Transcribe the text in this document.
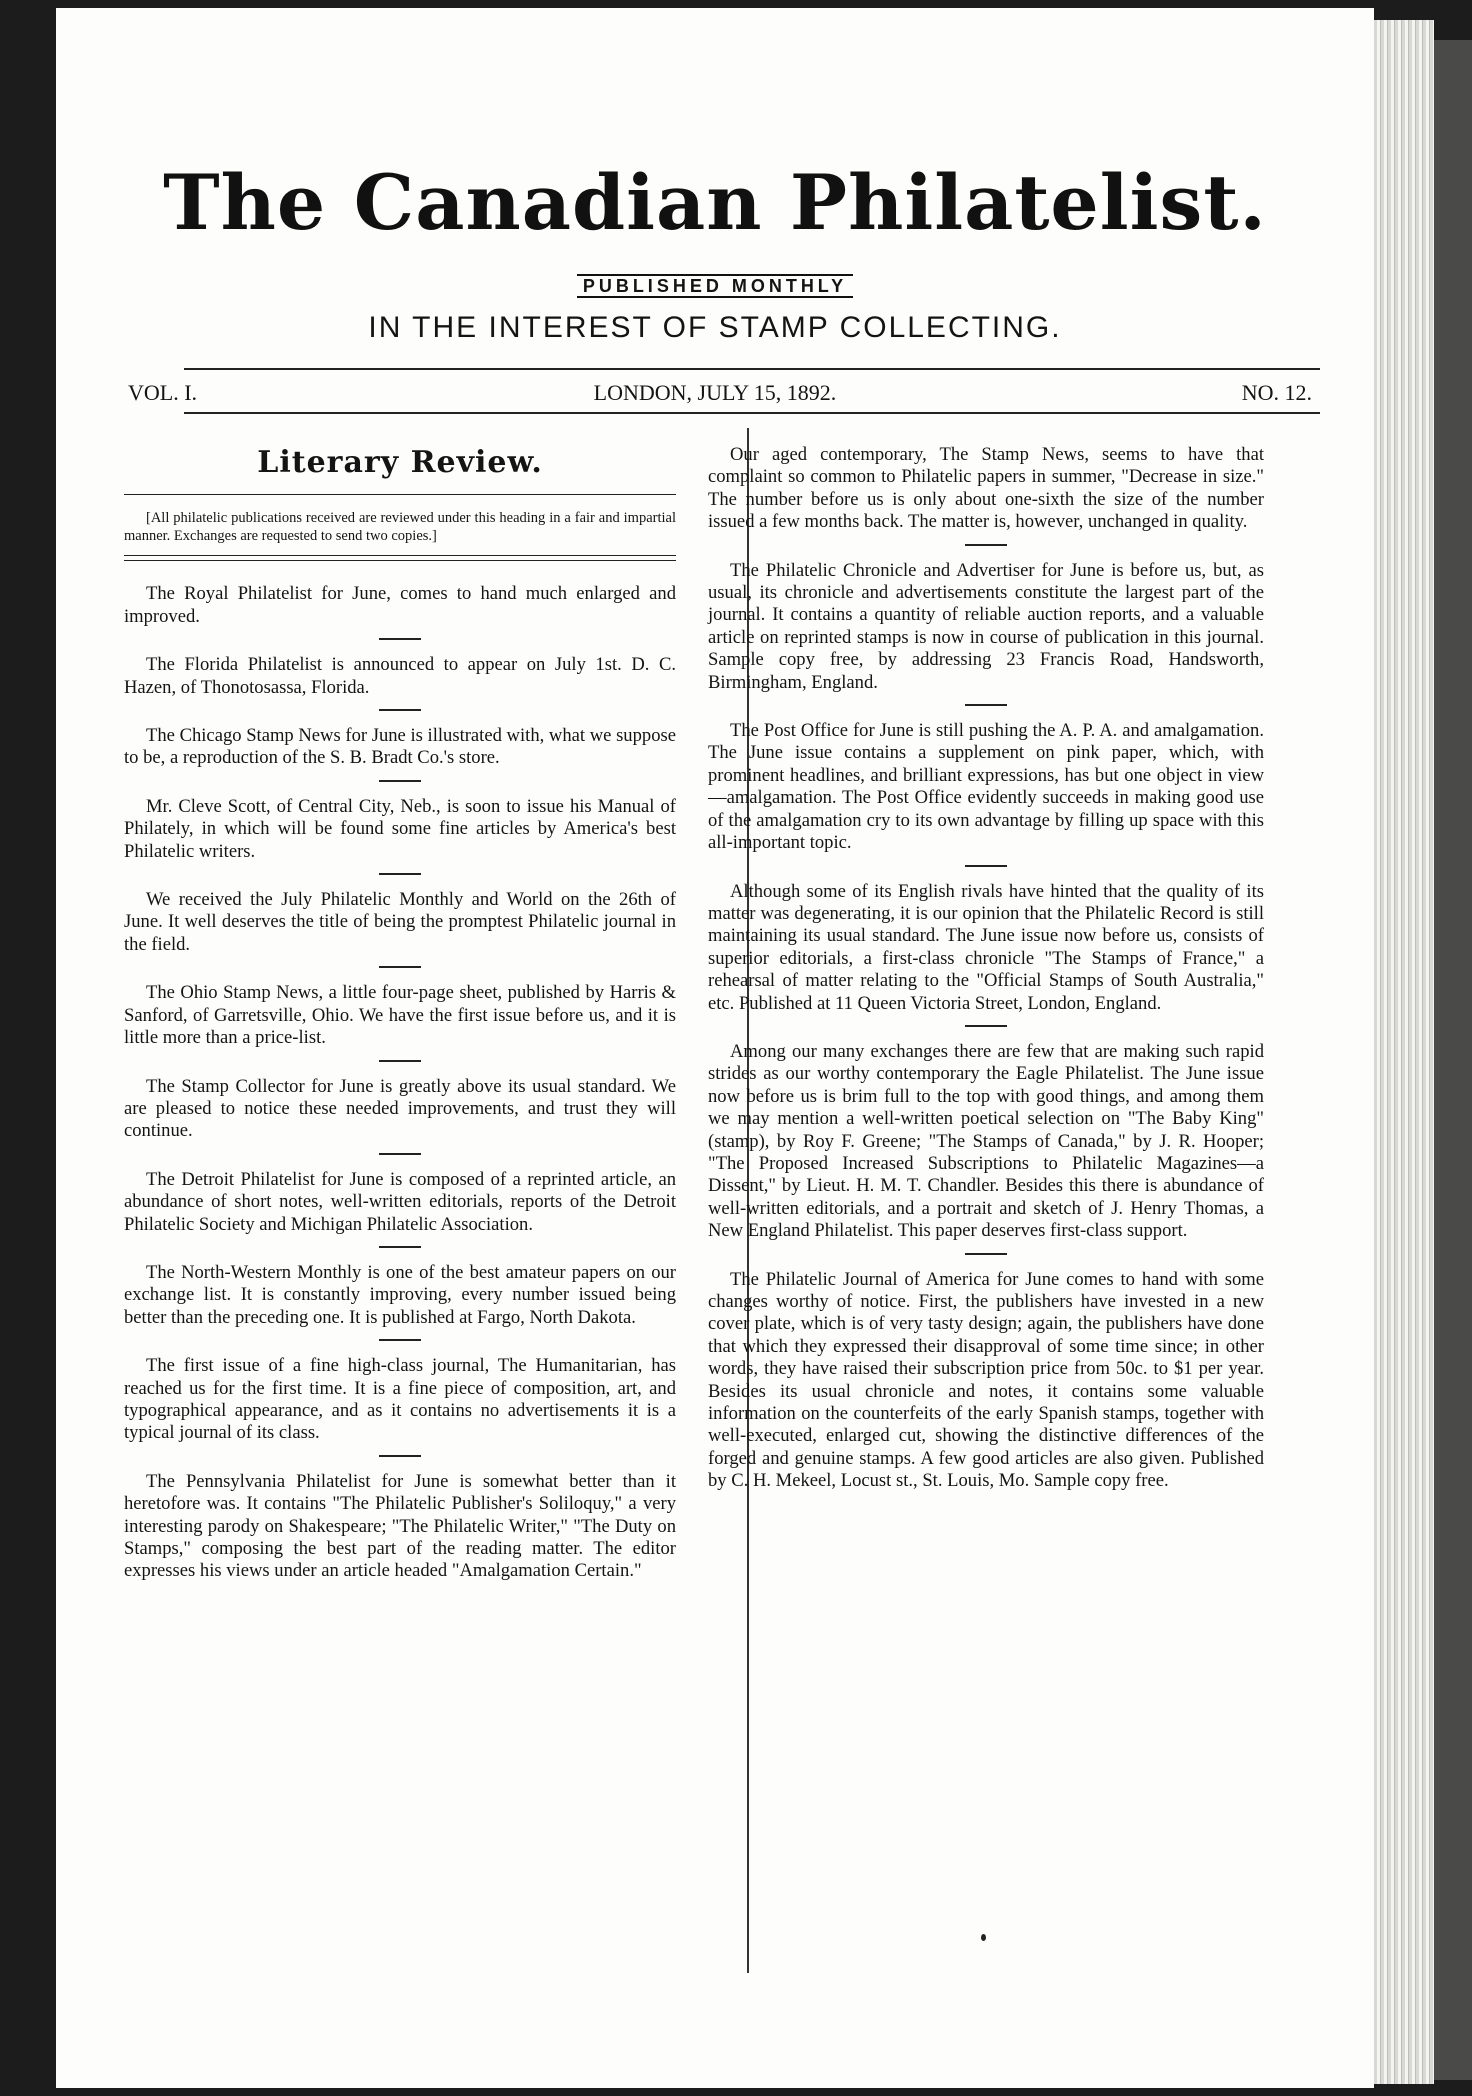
The Canadian Philatelist.
PUBLISHED MONTHLY
IN THE INTEREST OF STAMP COLLECTING.
VOL. I.	LONDON, JULY 15, 1892.	NO. 12.
Literary Review.

[All philatelic publications received are reviewed under this heading in a fair and impartial manner. Exchanges are requested to send two copies.]

The Royal Philatelist for June, comes to hand much enlarged and improved.

The Florida Philatelist is announced to appear on July 1st. D. C. Hazen, of Thonotosassa, Florida.

The Chicago Stamp News for June is illustrated with, what we suppose to be, a reproduction of the S. B. Bradt Co.'s store.

Mr. Cleve Scott, of Central City, Neb., is soon to issue his Manual of Philately, in which will be found some fine articles by America's best Philatelic writers.

We received the July Philatelic Monthly and World on the 26th of June. It well deserves the title of being the promptest Philatelic journal in the field.

The Ohio Stamp News, a little four-page sheet, published by Harris & Sanford, of Garretsville, Ohio. We have the first issue before us, and it is little more than a price-list.

The Stamp Collector for June is greatly above its usual standard. We are pleased to notice these needed improvements, and trust they will continue.

The Detroit Philatelist for June is composed of a reprinted article, an abundance of short notes, well-written editorials, reports of the Detroit Philatelic Society and Michigan Philatelic Association.

The North-Western Monthly is one of the best amateur papers on our exchange list. It is constantly improving, every number issued being better than the preceding one. It is published at Fargo, North Dakota.

The first issue of a fine high-class journal, The Humanitarian, has reached us for the first time. It is a fine piece of composition, art, and typographical appearance, and as it contains no advertisements it is a typical journal of its class.

The Pennsylvania Philatelist for June is somewhat better than it heretofore was. It contains "The Philatelic Publisher's Soliloquy," a very interesting parody on Shakespeare; "The Philatelic Writer," "The Duty on Stamps," composing the best part of the reading matter. The editor expresses his views under an article headed "Amalgamation Certain."

Our aged contemporary, The Stamp News, seems to have that complaint so common to Philatelic papers in summer, "Decrease in size." The number before us is only about one-sixth the size of the number issued a few months back. The matter is, however, unchanged in quality.

The Philatelic Chronicle and Advertiser for June is before us, but, as usual, its chronicle and advertisements constitute the largest part of the journal. It contains a quantity of reliable auction reports, and a valuable article on reprinted stamps is now in course of publication in this journal. Sample copy free, by addressing 23 Francis Road, Handsworth, Birmingham, England.

The Post Office for June is still pushing the A. P. A. and amalgamation. The June issue contains a supplement on pink paper, which, with prominent headlines, and brilliant expressions, has but one object in view—amalgamation. The Post Office evidently succeeds in making good use of the amalgamation cry to its own advantage by filling up space with this all-important topic.

Although some of its English rivals have hinted that the quality of its matter was degenerating, it is our opinion that the Philatelic Record is still maintaining its usual standard. The June issue now before us, consists of superior editorials, a first-class chronicle "The Stamps of France," a rehearsal of matter relating to the "Official Stamps of South Australia," etc. Published at 11 Queen Victoria Street, London, England.

Among our many exchanges there are few that are making such rapid strides as our worthy contemporary the Eagle Philatelist. The June issue now before us is brim full to the top with good things, and among them we may mention a well-written poetical selection on "The Baby King" (stamp), by Roy F. Greene; "The Stamps of Canada," by J. R. Hooper; "The Proposed Increased Subscriptions to Philatelic Magazines—a Dissent," by Lieut. H. M. T. Chandler. Besides this there is abundance of well-written editorials, and a portrait and sketch of J. Henry Thomas, a New England Philatelist. This paper deserves first-class support.

The Philatelic Journal of America for June comes to hand with some changes worthy of notice. First, the publishers have invested in a new cover plate, which is of very tasty design; again, the publishers have done that which they expressed their disapproval of some time since; in other words, they have raised their subscription price from 50c. to $1 per year. Besides its usual chronicle and notes, it contains some valuable information on the counterfeits of the early Spanish stamps, together with well-executed, enlarged cut, showing the distinctive differences of the forged and genuine stamps. A few good articles are also given. Published by C. H. Mekeel, Locust st., St. Louis, Mo. Sample copy free.
